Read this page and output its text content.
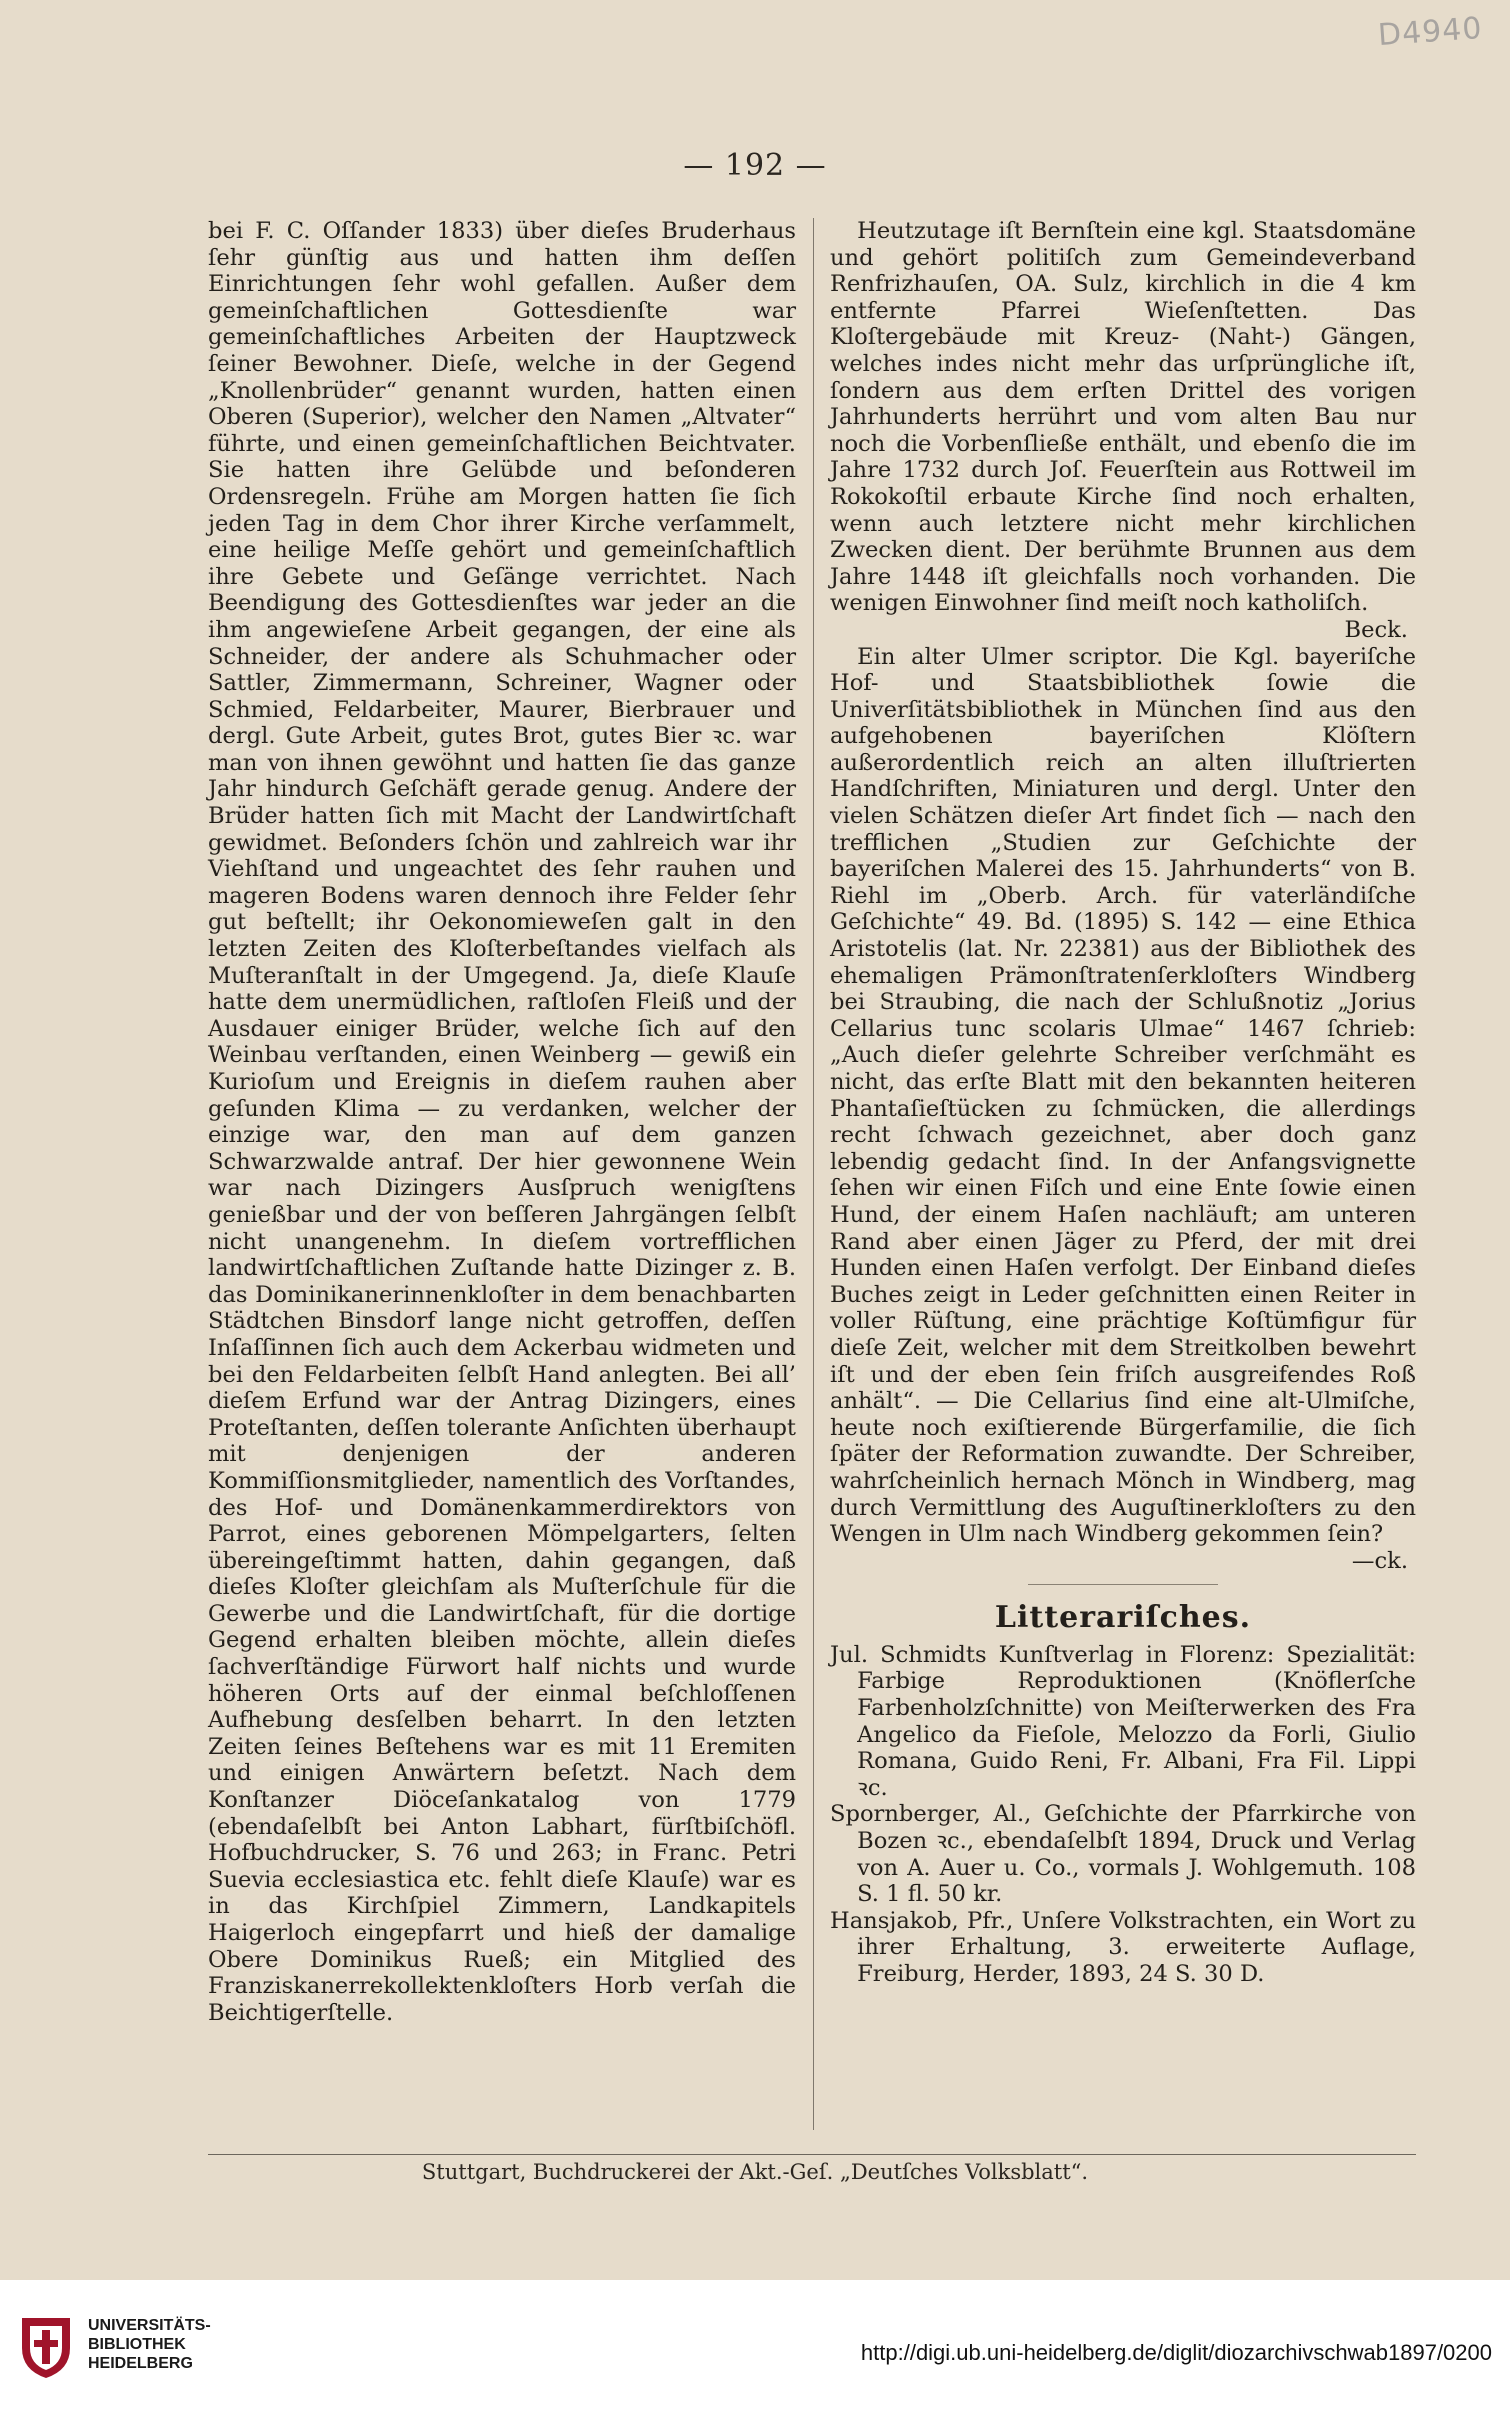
D4940
— 192 —

bei F. C. Oſſander 1833) über dieſes Bruderhaus ſehr günſtig aus und hatten ihm deſſen Einrichtungen ſehr wohl gefallen. Außer dem gemeinſchaftlichen Gottesdienſte war gemeinſchaftliches Arbeiten der Hauptzweck ſeiner Bewohner. Dieſe, welche in der Gegend „Knollenbrüder“ genannt wurden, hatten einen Oberen (Superior), welcher den Namen „Altvater“ führte, und einen gemeinſchaftlichen Beichtvater. Sie hatten ihre Gelübde und beſonderen Ordensregeln. Frühe am Morgen hatten ſie ſich jeden Tag in dem Chor ihrer Kirche verſammelt, eine heilige Meſſe gehört und gemeinſchaftlich ihre Gebete und Geſänge verrichtet. Nach Beendigung des Gottesdienſtes war jeder an die ihm angewieſene Arbeit gegangen, der eine als Schneider, der andere als Schuhmacher oder Sattler, Zimmermann, Schreiner, Wagner oder Schmied, Feldarbeiter, Maurer, Bierbrauer und dergl. Gute Arbeit, gutes Brot, gutes Bier ꝛc. war man von ihnen gewöhnt und hatten ſie das ganze Jahr hindurch Geſchäft gerade genug. Andere der Brüder hatten ſich mit Macht der Landwirtſchaft gewidmet. Beſonders ſchön und zahlreich war ihr Viehſtand und ungeachtet des ſehr rauhen und mageren Bodens waren dennoch ihre Felder ſehr gut beſtellt; ihr Oekonomieweſen galt in den letzten Zeiten des Kloſterbeſtandes vielfach als Muſteranſtalt in der Umgegend. Ja, dieſe Klauſe hatte dem unermüdlichen, raſtloſen Fleiß und der Ausdauer einiger Brüder, welche ſich auf den Weinbau verſtanden, einen Weinberg — gewiß ein Kurioſum und Ereignis in dieſem rauhen aber geſunden Klima — zu verdanken, welcher der einzige war, den man auf dem ganzen Schwarzwalde antraf. Der hier gewonnene Wein war nach Dizingers Ausſpruch wenigſtens genießbar und der von beſſeren Jahrgängen ſelbſt nicht unangenehm. In dieſem vortrefflichen landwirtſchaftlichen Zuſtande hatte Dizinger z. B. das Dominikanerinnenkloſter in dem benachbarten Städtchen Binsdorf lange nicht getroffen, deſſen Inſaſſinnen ſich auch dem Ackerbau widmeten und bei den Feldarbeiten ſelbſt Hand anlegten. Bei all’ dieſem Erfund war der Antrag Dizingers, eines Proteſtanten, deſſen tolerante Anſichten überhaupt mit denjenigen der anderen Kommiſſionsmitglieder, namentlich des Vorſtandes, des Hof- und Domänenkammerdirektors von Parrot, eines geborenen Mömpelgarters, ſelten übereingeſtimmt hatten, dahin gegangen, daß dieſes Kloſter gleichſam als Muſterſchule für die Gewerbe und die Landwirtſchaft, für die dortige Gegend erhalten bleiben möchte, allein dieſes ſachverſtändige Fürwort half nichts und wurde höheren Orts auf der einmal beſchloſſenen Aufhebung desſelben beharrt. In den letzten Zeiten ſeines Beſtehens war es mit 11 Eremiten und einigen Anwärtern beſetzt. Nach dem Konſtanzer Diöceſankatalog von 1779 (ebendaſelbſt bei Anton Labhart, fürſtbiſchöfl. Hofbuchdrucker, S. 76 und 263; in Franc. Petri Suevia ecclesiastica etc. fehlt dieſe Klauſe) war es in das Kirchſpiel Zimmern, Landkapitels Haigerloch eingepfarrt und hieß der damalige Obere Dominikus Rueß; ein Mitglied des Franziskanerrekollektenkloſters Horb verſah die Beichtigerſtelle.

Heutzutage iſt Bernſtein eine kgl. Staatsdomäne und gehört politiſch zum Gemeindeverband Renfrizhauſen, OA. Sulz, kirchlich in die 4 km entfernte Pfarrei Wieſenſtetten. Das Kloſtergebäude mit Kreuz- (Naht-) Gängen, welches indes nicht mehr das urſprüngliche iſt, ſondern aus dem erſten Drittel des vorigen Jahrhunderts herrührt und vom alten Bau nur noch die Vorbenſließe enthält, und ebenſo die im Jahre 1732 durch Joſ. Feuerſtein aus Rottweil im Rokokoſtil erbaute Kirche ſind noch erhalten, wenn auch letztere nicht mehr kirchlichen Zwecken dient. Der berühmte Brunnen aus dem Jahre 1448 iſt gleichfalls noch vorhanden. Die wenigen Einwohner ſind meiſt noch katholiſch.

Beck.

Ein alter Ulmer scriptor. Die Kgl. bayeriſche Hof- und Staatsbibliothek ſowie die Univerſitätsbibliothek in München ſind aus den aufgehobenen bayeriſchen Klöſtern außerordentlich reich an alten illuſtrierten Handſchriften, Miniaturen und dergl. Unter den vielen Schätzen dieſer Art findet ſich — nach den trefflichen „Studien zur Geſchichte der bayeriſchen Malerei des 15. Jahrhunderts“ von B. Riehl im „Oberb. Arch. für vaterländiſche Geſchichte“ 49. Bd. (1895) S. 142 — eine Ethica Aristotelis (lat. Nr. 22381) aus der Bibliothek des ehemaligen Prämonſtratenſerkloſters Windberg bei Straubing, die nach der Schlußnotiz „Jorius Cellarius tunc scolaris Ulmae“ 1467 ſchrieb: „Auch dieſer gelehrte Schreiber verſchmäht es nicht, das erſte Blatt mit den bekannten heiteren Phantaſieſtücken zu ſchmücken, die allerdings recht ſchwach gezeichnet, aber doch ganz lebendig gedacht ſind. In der Anfangsvignette ſehen wir einen Fiſch und eine Ente ſowie einen Hund, der einem Haſen nachläuft; am unteren Rand aber einen Jäger zu Pferd, der mit drei Hunden einen Haſen verfolgt. Der Einband dieſes Buches zeigt in Leder geſchnitten einen Reiter in voller Rüſtung, eine prächtige Koſtümfigur für dieſe Zeit, welcher mit dem Streitkolben bewehrt iſt und der eben ſein friſch ausgreifendes Roß anhält“. — Die Cellarius ſind eine alt-Ulmiſche, heute noch exiſtierende Bürgerfamilie, die ſich ſpäter der Reformation zuwandte. Der Schreiber, wahrſcheinlich hernach Mönch in Windberg, mag durch Vermittlung des Auguſtinerkloſters zu den Wengen in Ulm nach Windberg gekommen ſein?

—ck.
Litterariſches.

Jul. Schmidts Kunſtverlag in Florenz: Spezialität: Farbige Reproduktionen (Knöflerſche Farbenholzſchnitte) von Meiſterwerken des Fra Angelico da Fieſole, Melozzo da Forli, Giulio Romana, Guido Reni, Fr. Albani, Fra Fil. Lippi ꝛc.

Spornberger, Al., Geſchichte der Pfarrkirche von Bozen ꝛc., ebendaſelbſt 1894, Druck und Verlag von A. Auer u. Co., vormals J. Wohlgemuth. 108 S. 1 fl. 50 kr.

Hansjakob, Pfr., Unſere Volkstrachten, ein Wort zu ihrer Erhaltung, 3. erweiterte Auflage, Freiburg, Herder, 1893, 24 S. 30 D.

Stuttgart, Buchdruckerei der Akt.-Geſ. „Deutſches Volksblatt“.
UNIVERSITÄTS-
BIBLIOTHEK
HEIDELBERG	http://digi.ub.uni-heidelberg.de/diglit/diozarchivschwab1897/0200
